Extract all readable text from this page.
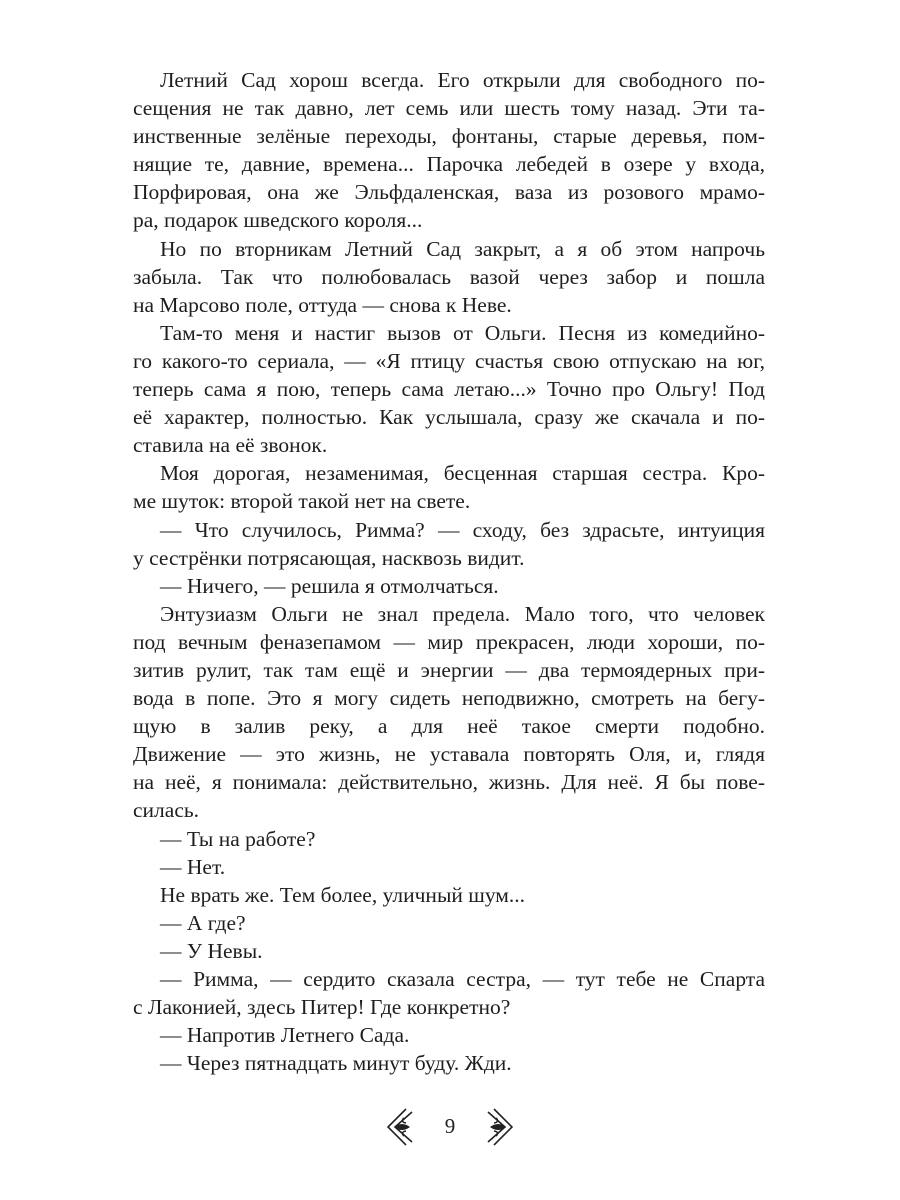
Летний Сад хорош всегда. Его открыли для свободного по-
сещения не так давно, лет семь или шесть тому назад. Эти та-
инственные зелёные переходы, фонтаны, старые деревья, пом-
нящие те, давние, времена... Парочка лебедей в озере у входа,
Порфировая, она же Эльфдаленская, ваза из розового мрамо-
ра, подарок шведского короля...
Но по вторникам Летний Сад закрыт, а я об этом напрочь
забыла. Так что полюбовалась вазой через забор и пошла
на Марсово поле, оттуда — снова к Неве.
Там-то меня и настиг вызов от Ольги. Песня из комедийно-
го какого-то сериала, — «Я птицу счастья свою отпускаю на юг,
теперь сама я пою, теперь сама летаю...» Точно про Ольгу! Под
её характер, полностью. Как услышала, сразу же скачала и по-
ставила на её звонок.
Моя дорогая, незаменимая, бесценная старшая сестра. Кро-
ме шуток: второй такой нет на свете.
— Что случилось, Римма? — сходу, без здрасьте, интуиция
у сестрёнки потрясающая, насквозь видит.
— Ничего, — решила я отмолчаться.
Энтузиазм Ольги не знал предела. Мало того, что человек
под вечным феназепамом — мир прекрасен, люди хороши, по-
зитив рулит, так там ещё и энергии — два термоядерных при-
вода в попе. Это я могу сидеть неподвижно, смотреть на бегу-
щую в залив реку, а для неё такое смерти подобно.
Движение — это жизнь, не уставала повторять Оля, и, глядя
на неё, я понимала: действительно, жизнь. Для неё. Я бы пове-
силась.
— Ты на работе?
— Нет.
Не врать же. Тем более, уличный шум...
— А где?
— У Невы.
— Римма, — сердито сказала сестра, — тут тебе не Спарта
с Лаконией, здесь Питер! Где конкретно?
— Напротив Летнего Сада.
— Через пятнадцать минут буду. Жди.
9
